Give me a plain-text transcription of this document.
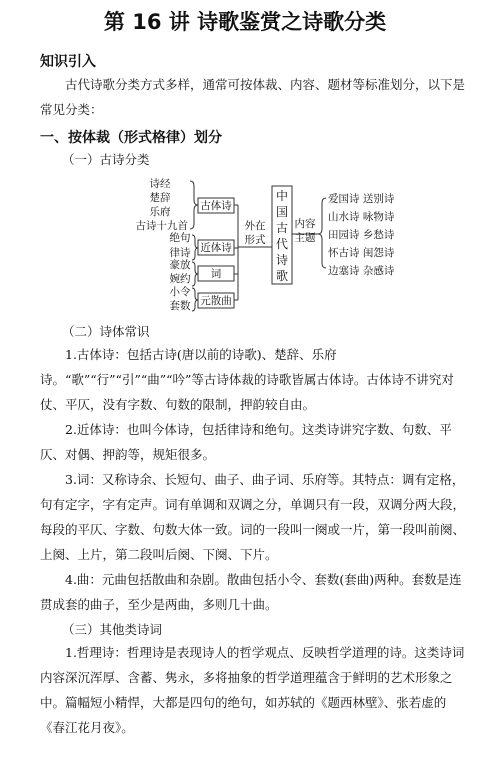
第 16 讲 诗歌鉴赏之诗歌分类
知识引入
古代诗歌分类方式多样，通常可按体裁、内容、题材等标准划分，以下是常见分类：
一、按体裁（形式格律）划分
（一）古诗分类
诗经
楚辞
乐府
古诗十九首
古体诗
绝句
律诗 近体诗
豪放
婉约 词
小令
套数 元散曲
外在
形式
中
国
古
代
诗
歌
内容
主题
爱国诗 送别诗
山水诗 咏物诗
田园诗 乡愁诗
怀古诗 闺怨诗
边塞诗 杂感诗
（二）诗体常识
1.古体诗：包括古诗(唐以前的诗歌)、楚辞、乐府诗。“歌”“行”“引”“曲”“吟”等古诗体裁的诗歌皆属古体诗。古体诗不讲究对仗、平仄，没有字数、句数的限制，押韵较自由。
2.近体诗：也叫今体诗，包括律诗和绝句。这类诗讲究字数、句数、平仄、对偶、押韵等，规矩很多。
3.词：又称诗余、长短句、曲子、曲子词、乐府等。其特点：调有定格，句有定字，字有定声。词有单调和双调之分，单调只有一段，双调分两大段，每段的平仄、字数、句数大体一致。词的一段叫一阕或一片，第一段叫前阕、上阕、上片，第二段叫后阕、下阕、下片。
4.曲：元曲包括散曲和杂剧。散曲包括小令、套数(套曲)两种。套数是连贯成套的曲子，至少是两曲，多则几十曲。
（三）其他类诗词
1.哲理诗：哲理诗是表现诗人的哲学观点、反映哲学道理的诗。这类诗词内容深沉浑厚、含蓄、隽永，多将抽象的哲学道理蕴含于鲜明的艺术形象之中。篇幅短小精悍，大都是四句的绝句，如苏轼的《题西林壁》、张若虚的《春江花月夜》。
